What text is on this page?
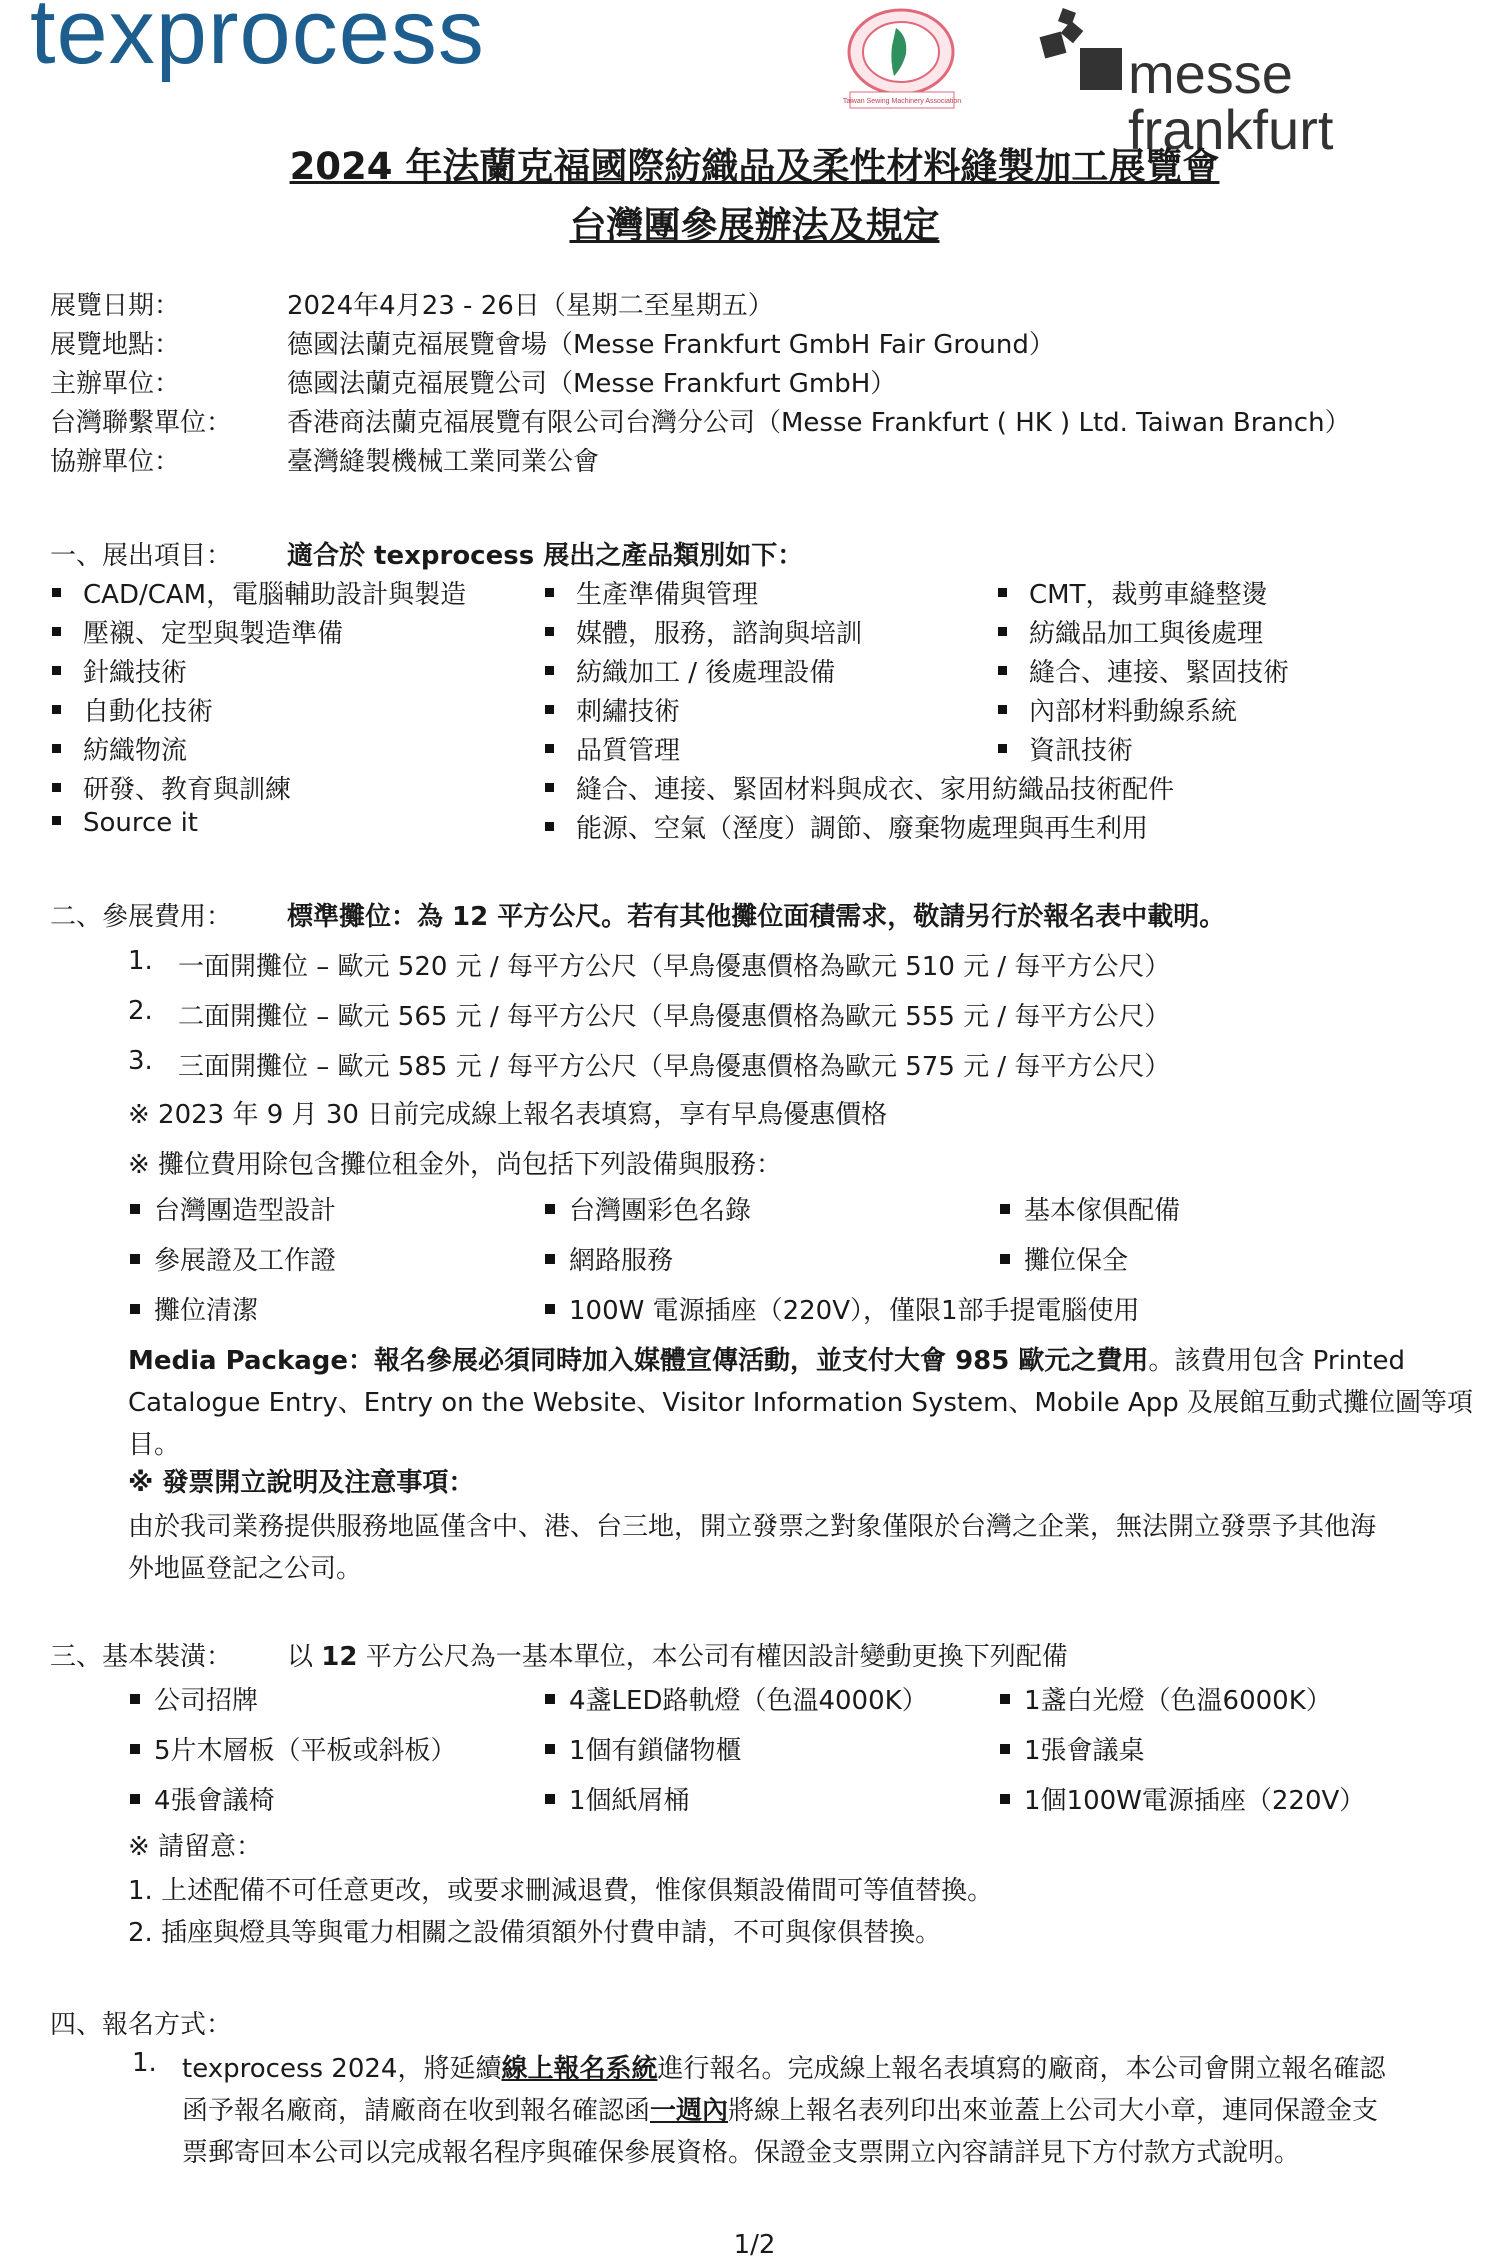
texprocess
Taiwan Sewing Machinery Association	messe frankfurt
2024 年法蘭克福國際紡織品及柔性材料縫製加工展覽會
台灣團參展辦法及規定
展覽日期：	2024年4月23 - 26日（星期二至星期五）
展覽地點：	德國法蘭克福展覽會場（Messe Frankfurt GmbH Fair Ground）
主辦單位：	德國法蘭克福展覽公司（Messe Frankfurt GmbH）
台灣聯繫單位： 香港商法蘭克福展覽有限公司台灣分公司（Messe Frankfurt ( HK ) Ltd. Taiwan Branch）
協辦單位：	臺灣縫製機械工業同業公會
一、展出項目： 適合於 texprocess 展出之產品類別如下：
CAD/CAM，電腦輔助設計與製造
壓襯、定型與製造準備
針織技術
自動化技術
紡織物流
研發、教育與訓練
Source it
生產準備與管理
媒體，服務，諮詢與培訓
紡織加工 / 後處理設備
刺繡技術
品質管理
縫合、連接、緊固材料與成衣、家用紡織品技術配件
能源、空氣（溼度）調節、廢棄物處理與再生利用
CMT，裁剪車縫整燙
紡織品加工與後處理
縫合、連接、緊固技術
內部材料動線系統
資訊技術
二、參展費用： 標準攤位：為 12 平方公尺。若有其他攤位面積需求，敬請另行於報名表中載明。
1. 一面開攤位 – 歐元 520 元 / 每平方公尺（早鳥優惠價格為歐元 510 元 / 每平方公尺）
2. 二面開攤位 – 歐元 565 元 / 每平方公尺（早鳥優惠價格為歐元 555 元 / 每平方公尺）
3. 三面開攤位 – 歐元 585 元 / 每平方公尺（早鳥優惠價格為歐元 575 元 / 每平方公尺）
※ 2023 年 9 月 30 日前完成線上報名表填寫，享有早鳥優惠價格
※ 攤位費用除包含攤位租金外，尚包括下列設備與服務：
台灣團造型設計	台灣團彩色名錄	基本傢俱配備
參展證及工作證	網路服務	攤位保全
攤位清潔	100W 電源插座（220V），僅限1部手提電腦使用
Media Package：報名參展必須同時加入媒體宣傳活動，並支付大會 985 歐元之費用。該費用包含 Printed
Catalogue Entry、Entry on the Website、Visitor Information System、Mobile App 及展館互動式攤位圖等項
目。
※ 發票開立說明及注意事項：
由於我司業務提供服務地區僅含中、港、台三地，開立發票之對象僅限於台灣之企業，無法開立發票予其他海
外地區登記之公司。
三、基本裝潢： 以 12 平方公尺為一基本單位，本公司有權因設計變動更換下列配備
公司招牌	4盞LED路軌燈（色溫4000K）	1盞白光燈（色溫6000K）
5片木層板（平板或斜板）	1個有鎖儲物櫃	1張會議桌
4張會議椅	1個紙屑桶	1個100W電源插座（220V）
※ 請留意：
1. 上述配備不可任意更改，或要求刪減退費，惟傢俱類設備間可等值替換。
2. 插座與燈具等與電力相關之設備須額外付費申請，不可與傢俱替換。
四、報名方式：
1. texprocess 2024，將延續線上報名系統進行報名。完成線上報名表填寫的廠商，本公司會開立報名確認
函予報名廠商，請廠商在收到報名確認函一週內將線上報名表列印出來並蓋上公司大小章，連同保證金支
票郵寄回本公司以完成報名程序與確保參展資格。保證金支票開立內容請詳見下方付款方式說明。
1/2
